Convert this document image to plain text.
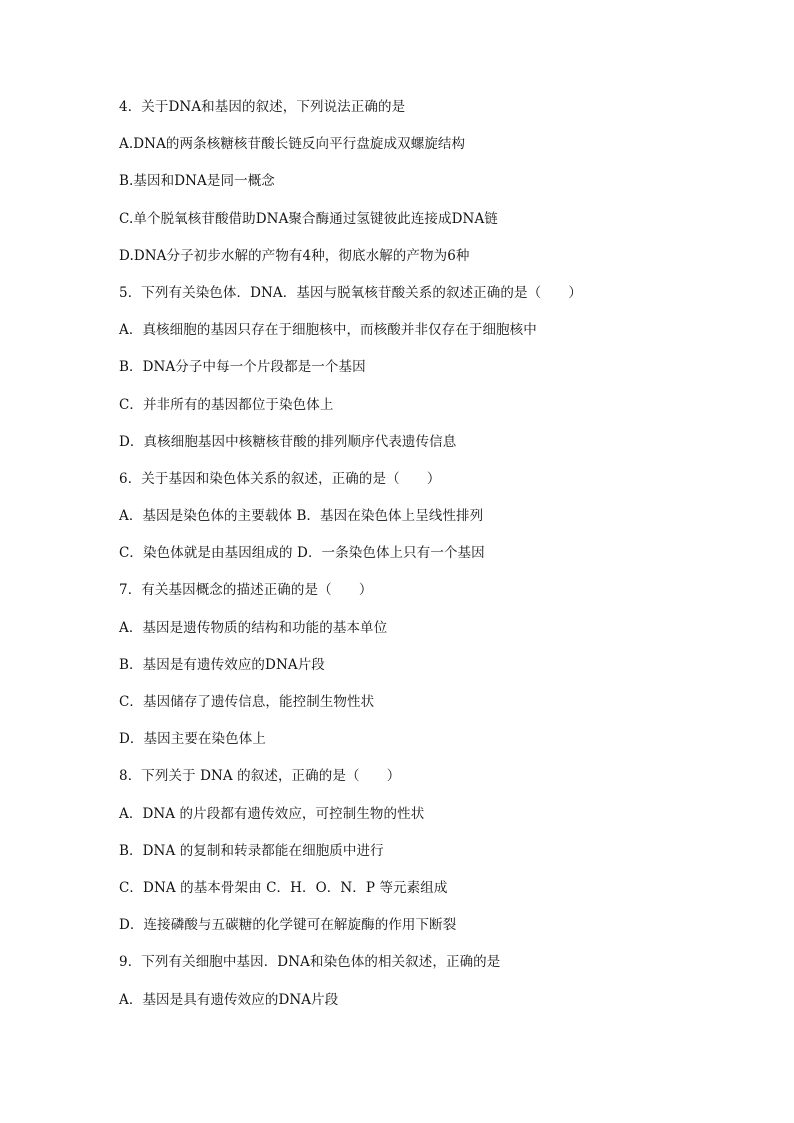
4．关于DNA和基因的叙述，下列说法正确的是
A.DNA的两条核糖核苷酸长链反向平行盘旋成双螺旋结构
B.基因和DNA是同一概念
C.单个脱氧核苷酸借助DNA聚合酶通过氢键彼此连接成DNA链
D.DNA分子初步水解的产物有4种，彻底水解的产物为6种
5．下列有关染色体．DNA．基因与脱氧核苷酸关系的叙述正确的是（　　）
A．真核细胞的基因只存在于细胞核中，而核酸并非仅存在于细胞核中
B．DNA分子中每一个片段都是一个基因
C．并非所有的基因都位于染色体上
D．真核细胞基因中核糖核苷酸的排列顺序代表遗传信息
6．关于基因和染色体关系的叙述，正确的是（　　）
A．基因是染色体的主要载体 B．基因在染色体上呈线性排列
C．染色体就是由基因组成的 D．一条染色体上只有一个基因
7．有关基因概念的描述正确的是（　　）
A．基因是遗传物质的结构和功能的基本单位
B．基因是有遗传效应的DNA片段
C．基因储存了遗传信息，能控制生物性状
D．基因主要在染色体上
8．下列关于 DNA 的叙述，正确的是（　　）
A．DNA 的片段都有遗传效应，可控制生物的性状
B．DNA 的复制和转录都能在细胞质中进行
C．DNA 的基本骨架由 C．H．O．N．P 等元素组成
D．连接磷酸与五碳糖的化学键可在解旋酶的作用下断裂
9．下列有关细胞中基因．DNA和染色体的相关叙述，正确的是
A．基因是具有遗传效应的DNA片段
